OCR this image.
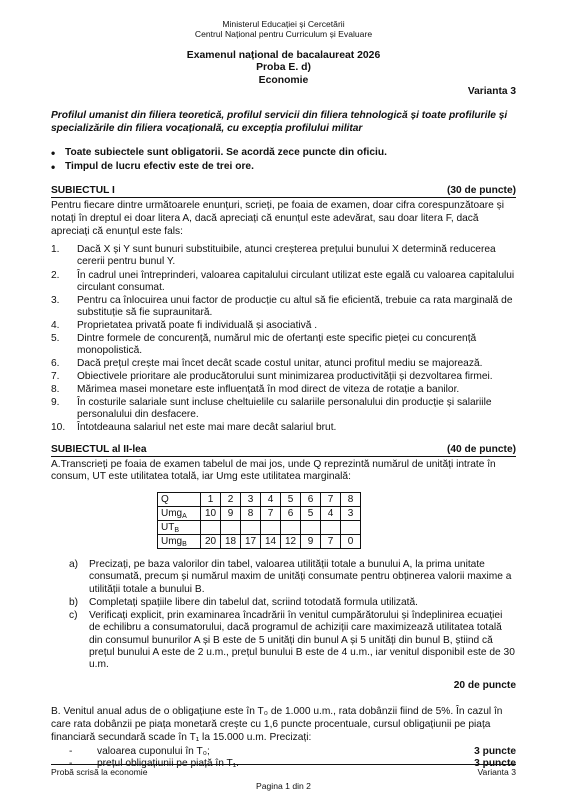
Ministerul Educației și Cercetării
Centrul Național pentru Curriculum și Evaluare
Examenul național de bacalaureat 2026
Proba E. d)
Economie
Varianta 3
Profilul umanist din filiera teoretică, profilul servicii din filiera tehnologică și toate profilurile și specializările din filiera vocațională, cu excepția profilului militar
• Toate subiectele sunt obligatorii. Se acordă zece puncte din oficiu.
• Timpul de lucru efectiv este de trei ore.
SUBIECTUL I	(30 de puncte)
Pentru fiecare dintre următoarele enunțuri, scrieți, pe foaia de examen, doar cifra corespunzătoare și notați în dreptul ei doar litera A, dacă apreciați că enunțul este adevărat, sau doar litera F, dacă apreciați că enunțul este fals:
1.	Dacă X și Y sunt bunuri substituibile, atunci creșterea prețului bunului X determină reducerea cererii pentru bunul Y.
2.	În cadrul unei întreprinderi, valoarea capitalului circulant utilizat este egală cu valoarea capitalului circulant consumat.
3.	Pentru ca înlocuirea unui factor de producție cu altul să fie eficientă, trebuie ca rata marginală de substituție să fie supraunitară.
4.	Proprietatea privată poate fi individuală și asociativă .
5.	Dintre formele de concurență, numărul mic de ofertanți este specific pieței cu concurență monopolistică.
6.	Dacă prețul crește mai încet decât scade costul unitar, atunci profitul mediu se majorează.
7.	Obiectivele prioritare ale producătorului sunt minimizarea productivității și dezvoltarea firmei.
8.	Mărimea masei monetare este influențată în mod direct de viteza de rotație a banilor.
9.	În costurile salariale sunt incluse cheltuielile cu salariile personalului din producție și salariile personalului din desfacere.
10.	Întotdeauna salariul net este mai mare decât salariul brut.
SUBIECTUL al II-lea	(40 de puncte)
A.Transcrieți pe foaia de examen tabelul de mai jos, unde Q reprezintă numărul de unități intrate în consum, UT este utilitatea totală, iar Umg este utilitatea marginală:
Q	1	2	3	4	5	6	7	8
Umg$_A$	10	9	8	7	6	5	4	3
$UT_B$								
Umg$_B$	20	18	17	14	12	9	7	0
a)	Precizați, pe baza valorilor din tabel, valoarea utilității totale a bunului A, la prima unitate consumată, precum și numărul maxim de unități consumate pentru obținerea valorii maxime a utilității totale a bunului B.
b)	Completați spațiile libere din tabelul dat, scriind totodată formula utilizată.
c)	Verificați explicit, prin examinarea încadrării în venitul cumpărătorului și îndeplinirea ecuației de echilibru a consumatorului, dacă programul de achiziții care maximizează utilitatea totală din consumul bunurilor A și B este de 5 unități din bunul A și 5 unități din bunul B, știind că prețul bunului A este de 2 u.m., prețul bunului B este de 4 u.m., iar venitul disponibil este de 30 u.m.
20 de puncte
B. Venitul anual adus de o obligațiune este în T₀ de 1.000 u.m., rata dobânzii fiind de 5%. În cazul în care rata dobânzii pe piața monetară crește cu 1,6 puncte procentuale, cursul obligațiunii pe piața financiară secundară scade în T₁ la 15.000 u.m. Precizați:
-	valoarea cuponului în T₀;	3 puncte
-	prețul obligațiunii pe piață în T₁.	3 puncte
Probă scrisă la economie	Varianta 3
Pagina 1 din 2
